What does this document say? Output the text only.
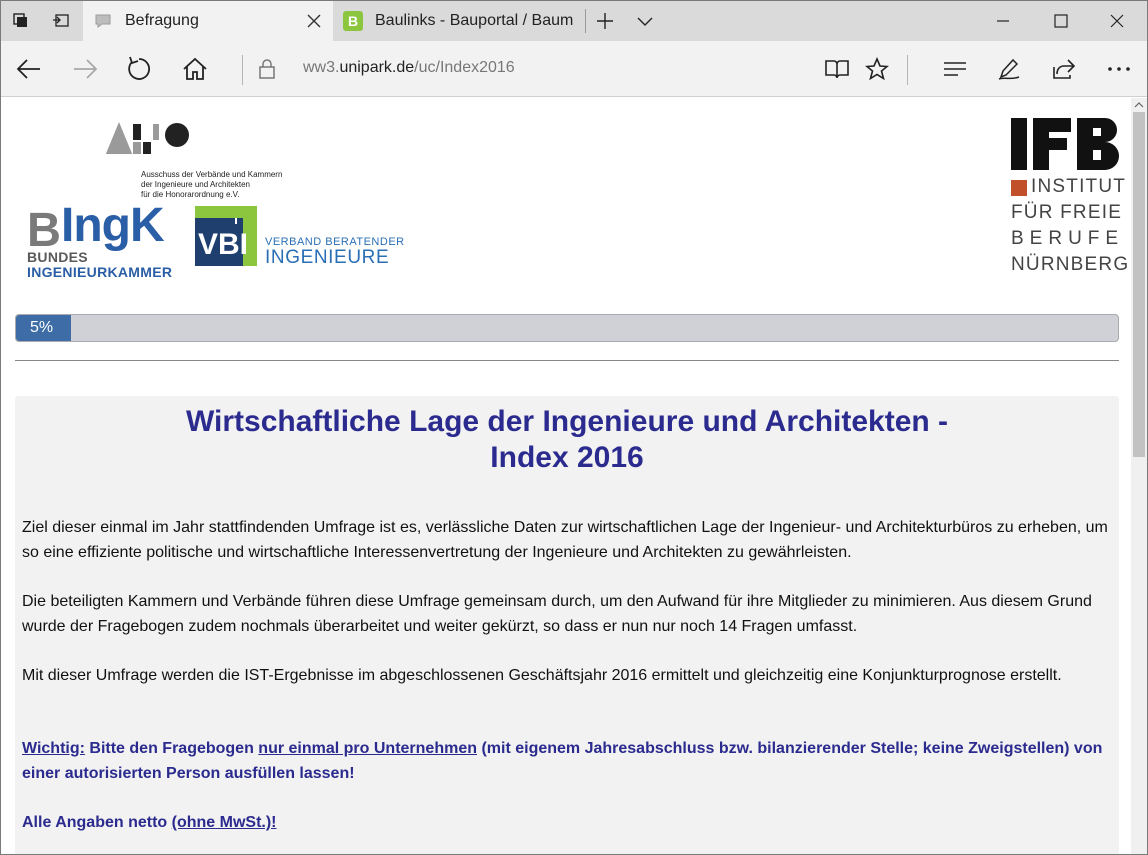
Befragung	B Baulinks - Bauportal / Baum
ww3.unipark.de/uc/Index2016
Ausschuss der Verbände und Kammern
der Ingenieure und Architekten
für die Honorarordnung e.V.
B IngK
BUNDES
INGENIEURKAMMER
VBI VERBAND BERATENDER
INGENIEURE
INSTITUT
FÜR FREIE
BERUFE
NÜRNBERG
5%
Wirtschaftliche Lage der Ingenieure und Architekten -
Index 2016
Ziel dieser einmal im Jahr stattfindenden Umfrage ist es, verlässliche Daten zur wirtschaftlichen Lage der Ingenieur- und Architekturbüros zu erheben, um so eine effiziente politische und wirtschaftliche Interessenvertretung der Ingenieure und Architekten zu gewährleisten.
Die beteiligten Kammern und Verbände führen diese Umfrage gemeinsam durch, um den Aufwand für ihre Mitglieder zu minimieren. Aus diesem Grund wurde der Fragebogen zudem nochmals überarbeitet und weiter gekürzt, so dass er nun nur noch 14 Fragen umfasst.
Mit dieser Umfrage werden die IST-Ergebnisse im abgeschlossenen Geschäftsjahr 2016 ermittelt und gleichzeitig eine Konjunkturprognose erstellt.
Wichtig: Bitte den Fragebogen nur einmal pro Unternehmen (mit eigenem Jahresabschluss bzw. bilanzierender Stelle; keine Zweigstellen) von einer autorisierten Person ausfüllen lassen!
Alle Angaben netto (ohne MwSt.)!
